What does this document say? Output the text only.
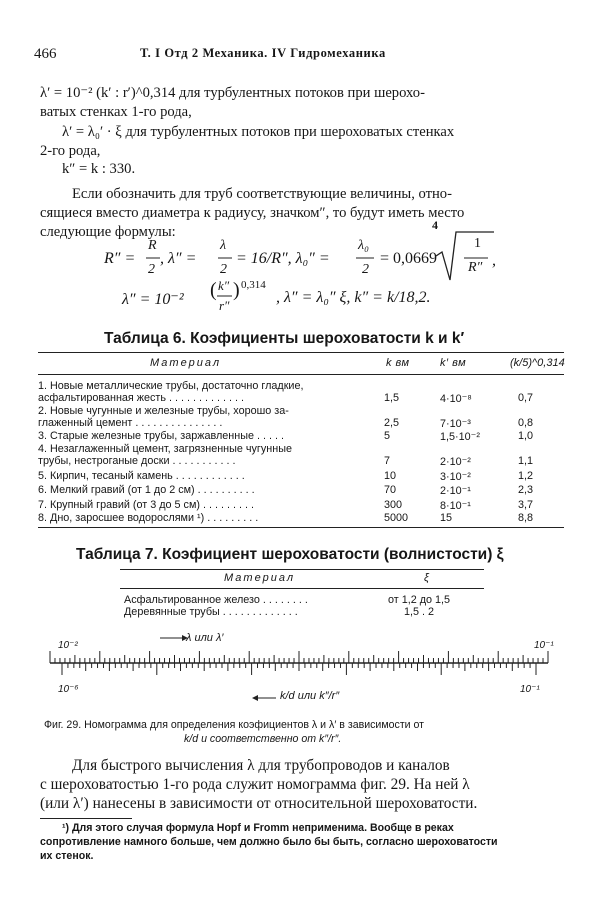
466	Т. I Отд 2 Механика. IV Гидромеханика
λ′ = 10⁻² (k′ : r′)^0,314 для турбулентных потоков при шерохо-
ватых стенках 1-го рода,
λ′ = λ₀′ · ξ для турбулентных потоков при шероховатых стенках
2-го рода,
k″ = k : 330.
Если обозначить для труб соответствующие величины, отно-
сящиеся вместо диаметра к радиусу, значком″, то будут иметь место
следующие формулы:
R″ =
R
2
, λ″ =
λ
2
= 16/R″, λ₀″ =
λ₀
2
= 0,0669
4
1
R″ ,
λ″ = 10⁻² ( k″
r″
) 0,314
, λ″ = λ₀″ ξ, k″ = k/18,2.
Таблица 6. Коэфициенты шероховатости k и k′
Материал	k вм	k′ вм	(k/5)^0,314
1. Новые металлические трубы, достаточно гладкие,
асфальтированная жесть . . . . . . . . . . . . .	1,5	4·10⁻⁸	0,7
2. Новые чугунные и железные трубы, хорошо за-
глаженный цемент . . . . . . . . . . . . . . .	2,5	7·10⁻³	0,8
3. Старые железные трубы, заржавленные . . . . .	5	1,5·10⁻²	1,0
4. Незаглаженный цемент, загрязненные чугунные
трубы, нестроганые доски . . . . . . . . . . .	7	2·10⁻²	1,1
5. Кирпич, тесаный камень . . . . . . . . . . . .	10	3·10⁻²	1,2
6. Мелкий гравий (от 1 до 2 см) . . . . . . . . . .	70	2·10⁻¹	2,3
7. Крупный гравий (от 3 до 5 см) . . . . . . . . .	300	8·10⁻¹	3,7
8. Дно, заросшее водорослями ¹) . . . . . . . . .	5000	15	8,8
Таблица 7. Коэфициент шероховатости (волнистости) ξ
Материал	ξ
Асфальтированное железо . . . . . . . .	от 1,2 до 1,5
Деревянные трубы . . . . . . . . . . . . .	1,5 . 2
λ или λ′
10⁻²	10⁻¹
10⁻⁶	10⁻¹
k/d или k″/r″
Фиг. 29. Номограмма для определения коэфициентов λ и λ′ в зависимости от
k/d и соответственно от k″/r″.
Для быстрого вычисления λ для трубопроводов и каналов
с шероховатостью 1-го рода служит номограмма фиг. 29. На ней λ
(или λ′) нанесены в зависимости от относительной шероховатости.
¹) Для этого случая формула Hopf и Fromm неприменима. Вообще в реках
сопротивление намного больше, чем должно было бы быть, согласно шероховатости
их стенок.
